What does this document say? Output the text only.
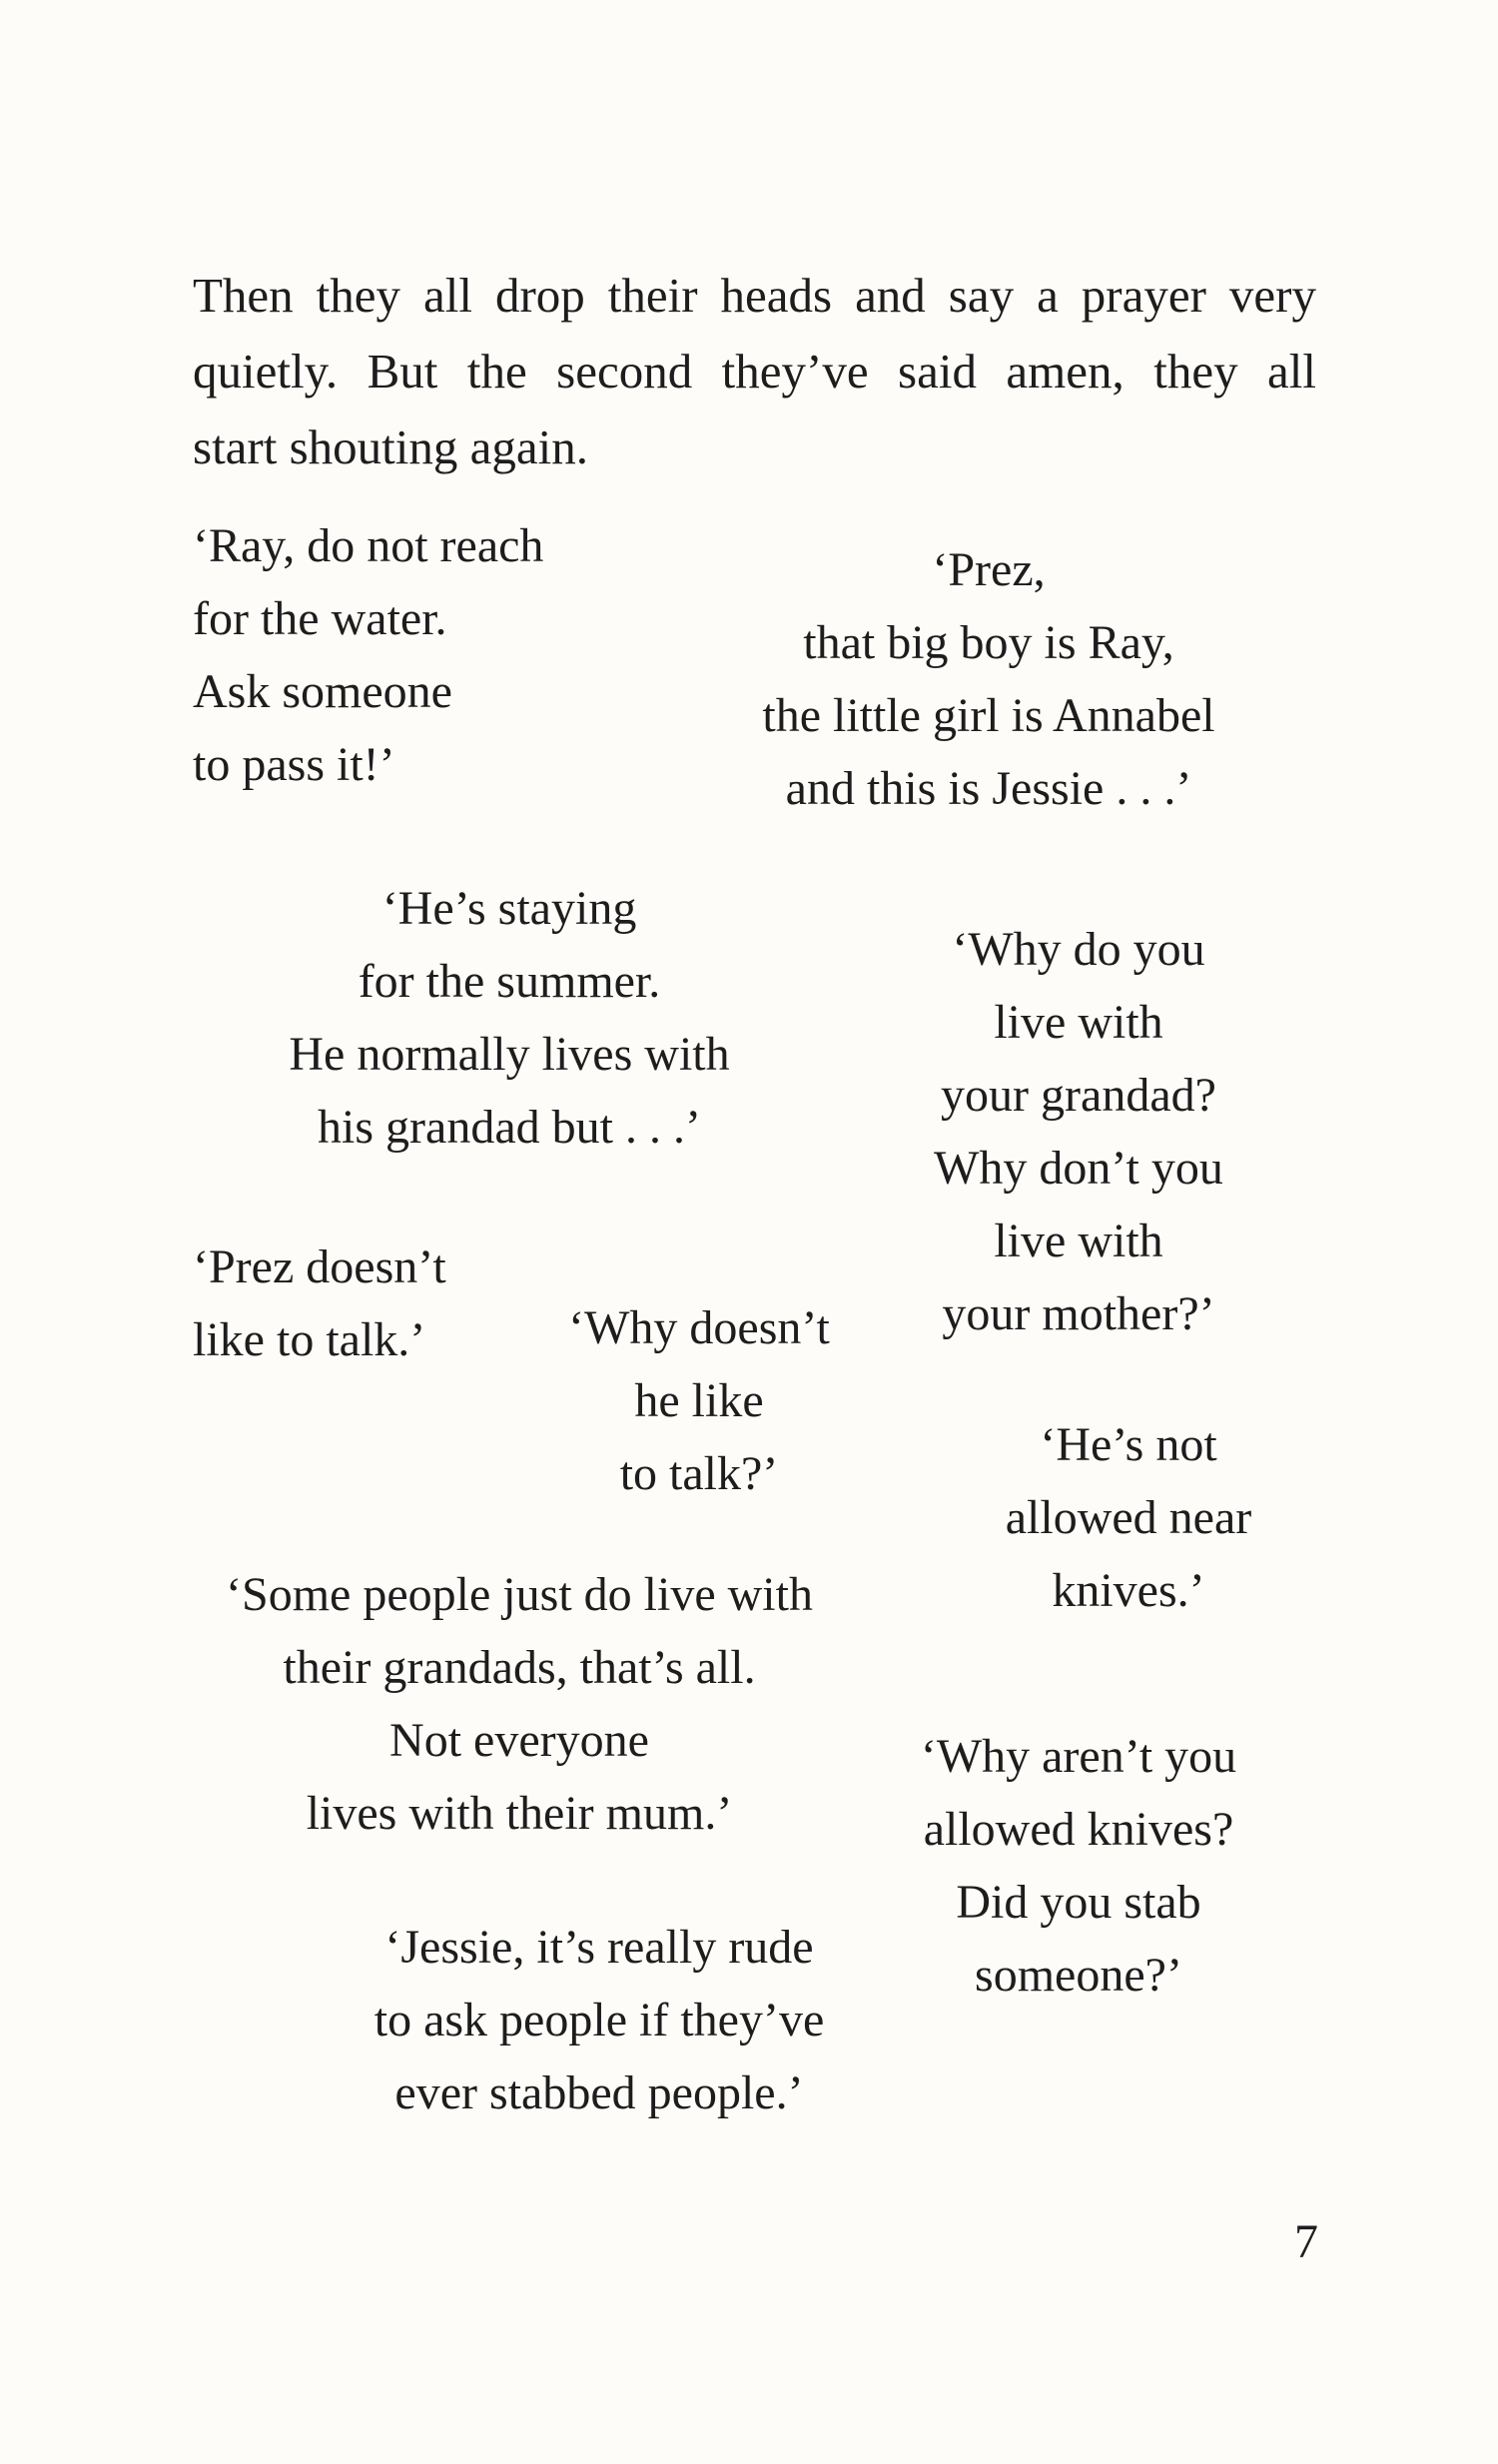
Then they all drop their heads and say a prayer very
quietly. But the second they’ve said amen, they all
start shouting again.
‘Ray, do not reach
for the water.
Ask someone
to pass it!’
‘Prez,
that big boy is Ray,
the little girl is Annabel
and this is Jessie . . .’
‘He’s staying
for the summer.
He normally lives with
his grandad but . . .’
‘Why do you
live with
your grandad?
Why don’t you
live with
your mother?’
‘Prez doesn’t
like to talk.’	‘Why doesn’t
he like
to talk?’
‘He’s not
allowed near
knives.’
‘Some people just do live with
their grandads, that’s all.
Not everyone
lives with their mum.’
‘Why aren’t you
allowed knives?
Did you stab
someone?’
‘Jessie, it’s really rude
to ask people if they’ve
ever stabbed people.’
7
